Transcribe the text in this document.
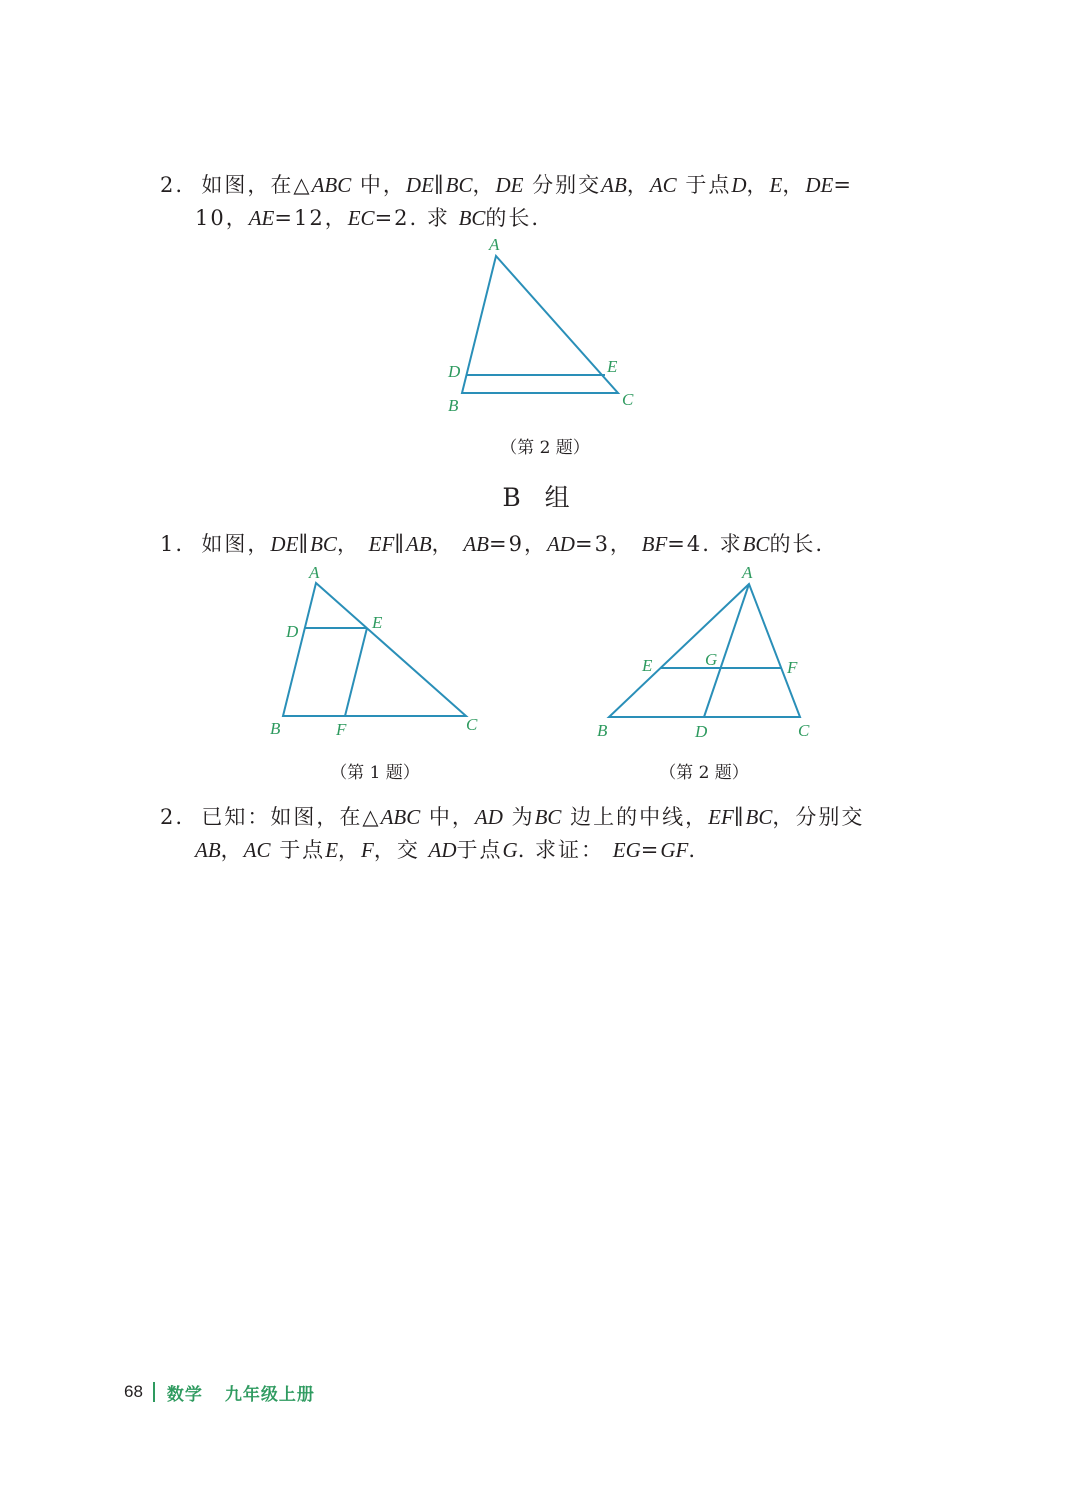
2. 如图，在△ABC 中，DE∥BC，DE 分别交AB，AC 于点D，E，DE=
10，AE=12，EC=2. 求 BC的长.
A
D	E
B	C
（第 2 题）
B 组
1. 如图，DE∥BC， EF∥AB， AB=9，AD=3， BF=4. 求BC的长.
A
D	E
B	F	C
（第 1 题）
A
E	G	F
B	D	C
（第 2 题）
2. 已知：如图，在△ABC 中，AD 为BC 边上的中线，EF∥BC，分别交
AB，AC 于点E，F，交 AD于点G. 求证： EG=GF.
68 数学 九年级上册
